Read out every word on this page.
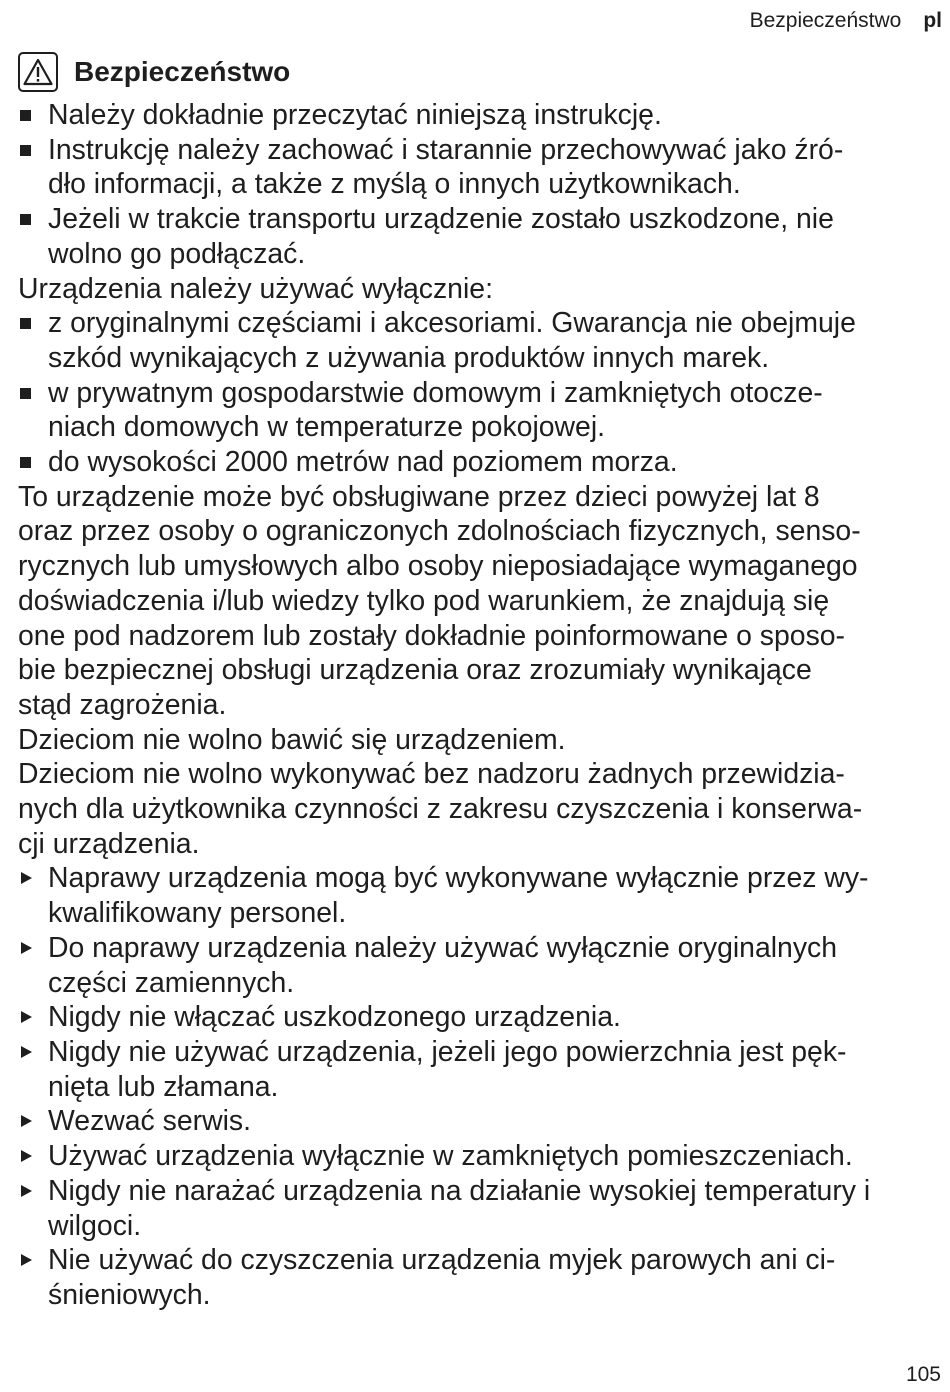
Bezpieczeństwo pl
Bezpieczeństwo
Należy dokładnie przeczytać niniejszą instrukcję.
Instrukcję należy zachować i starannie przechowywać jako źró-
dło informacji, a także z myślą o innych użytkownikach.
Jeżeli w trakcie transportu urządzenie zostało uszkodzone, nie
wolno go podłączać.

Urządzenia należy używać wyłącznie:

z oryginalnymi częściami i akcesoriami. Gwarancja nie obejmuje
szkód wynikających z używania produktów innych marek.
w prywatnym gospodarstwie domowym i zamkniętych otocze-
niach domowych w temperaturze pokojowej.
do wysokości 2000 metrów nad poziomem morza.

To urządzenie może być obsługiwane przez dzieci powyżej lat 8

oraz przez osoby o ograniczonych zdolnościach fizycznych, senso-

rycznych lub umysłowych albo osoby nieposiadające wymaganego

doświadczenia i/lub wiedzy tylko pod warunkiem, że znajdują się

one pod nadzorem lub zostały dokładnie poinformowane o sposo-

bie bezpiecznej obsługi urządzenia oraz zrozumiały wynikające

stąd zagrożenia.

Dzieciom nie wolno bawić się urządzeniem.

Dzieciom nie wolno wykonywać bez nadzoru żadnych przewidzia-

nych dla użytkownika czynności z zakresu czyszczenia i konserwa-

cji urządzenia.

Naprawy urządzenia mogą być wykonywane wyłącznie przez wy-
kwalifikowany personel.
Do naprawy urządzenia należy używać wyłącznie oryginalnych
części zamiennych.
Nigdy nie włączać uszkodzonego urządzenia.
Nigdy nie używać urządzenia, jeżeli jego powierzchnia jest pęk-
nięta lub złamana.
Wezwać serwis.
Używać urządzenia wyłącznie w zamkniętych pomieszczeniach.
Nigdy nie narażać urządzenia na działanie wysokiej temperatury i
wilgoci.
Nie używać do czyszczenia urządzenia myjek parowych ani ci-
śnieniowych.
105
